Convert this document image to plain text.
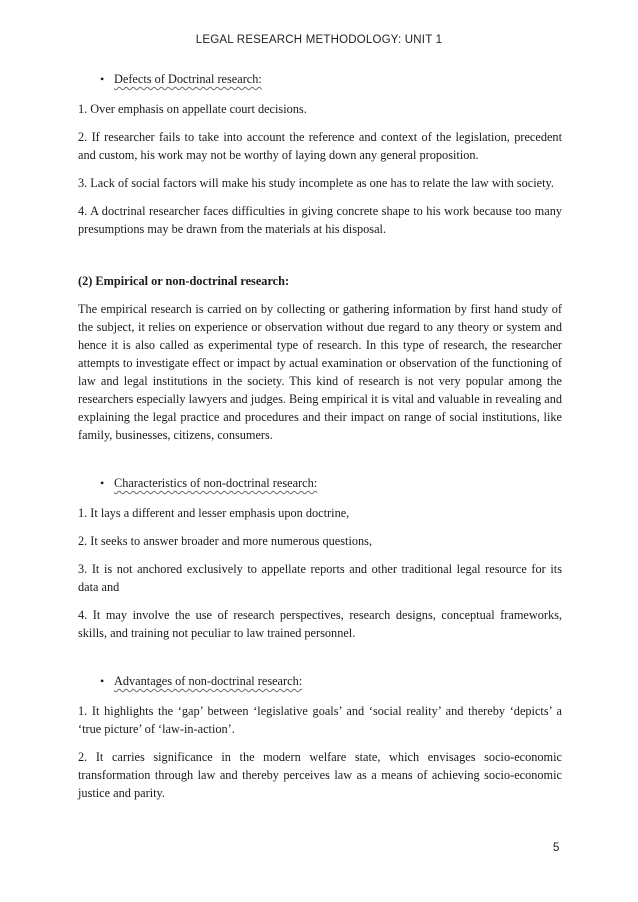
LEGAL RESEARCH METHODOLOGY: UNIT 1
• Defects of Doctrinal research:

1. Over emphasis on appellate court decisions.

2. If researcher fails to take into account the reference and context of the legislation, precedent and custom, his work may not be worthy of laying down any general proposition.

3. Lack of social factors will make his study incomplete as one has to relate the law with society.

4. A doctrinal researcher faces difficulties in giving concrete shape to his work because too many presumptions may be drawn from the materials at his disposal.

(2) Empirical or non-doctrinal research:

The empirical research is carried on by collecting or gathering information by first hand study of the subject, it relies on experience or observation without due regard to any theory or system and hence it is also called as experimental type of research. In this type of research, the researcher attempts to investigate effect or impact by actual examination or observation of the functioning of law and legal institutions in the society. This kind of research is not very popular among the researchers especially lawyers and judges. Being empirical it is vital and valuable in revealing and explaining the legal practice and procedures and their impact on range of social institutions, like family, businesses, citizens, consumers.

• Characteristics of non-doctrinal research:

1. It lays a different and lesser emphasis upon doctrine,

2. It seeks to answer broader and more numerous questions,

3. It is not anchored exclusively to appellate reports and other traditional legal resource for its data and

4. It may involve the use of research perspectives, research designs, conceptual frameworks, skills, and training not peculiar to law trained personnel.

• Advantages of non-doctrinal research:

1. It highlights the ‘gap’ between ‘legislative goals’ and ‘social reality’ and thereby ‘depicts’ a ‘true picture’ of ‘law-in-action’.

2. It carries significance in the modern welfare state, which envisages socio-economic transformation through law and thereby perceives law as a means of achieving socio-economic justice and parity.

5
